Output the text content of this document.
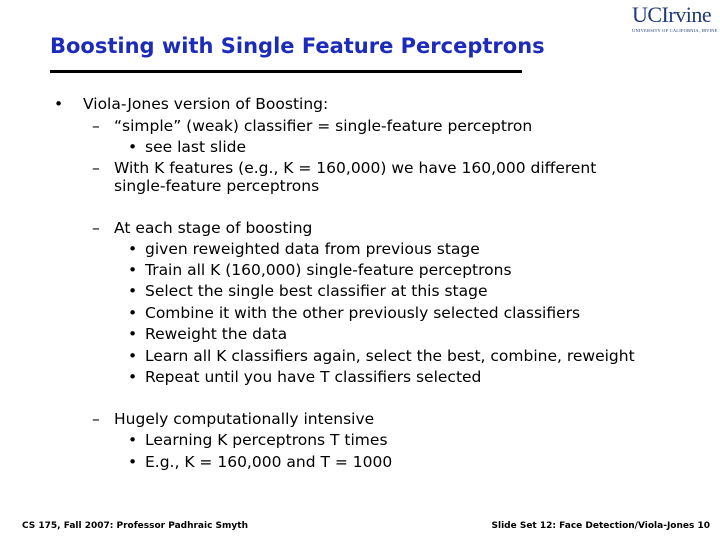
UCIrvine
UNIVERSITY OF CALIFORNIA, IRVINE
Boosting with Single Feature Perceptrons
• Viola-Jones version of Boosting:
– “simple” (weak) classifier = single-feature perceptron
• see last slide
– With K features (e.g., K = 160,000) we have 160,000 different
single-feature perceptrons
– At each stage of boosting
• given reweighted data from previous stage
• Train all K (160,000) single-feature perceptrons
• Select the single best classifier at this stage
• Combine it with the other previously selected classifiers
• Reweight the data
• Learn all K classifiers again, select the best, combine, reweight
• Repeat until you have T classifiers selected
– Hugely computationally intensive
• Learning K perceptrons T times
• E.g., K = 160,000 and T = 1000
CS 175, Fall 2007: Professor Padhraic Smyth	Slide Set 12: Face Detection/Viola-Jones 10
